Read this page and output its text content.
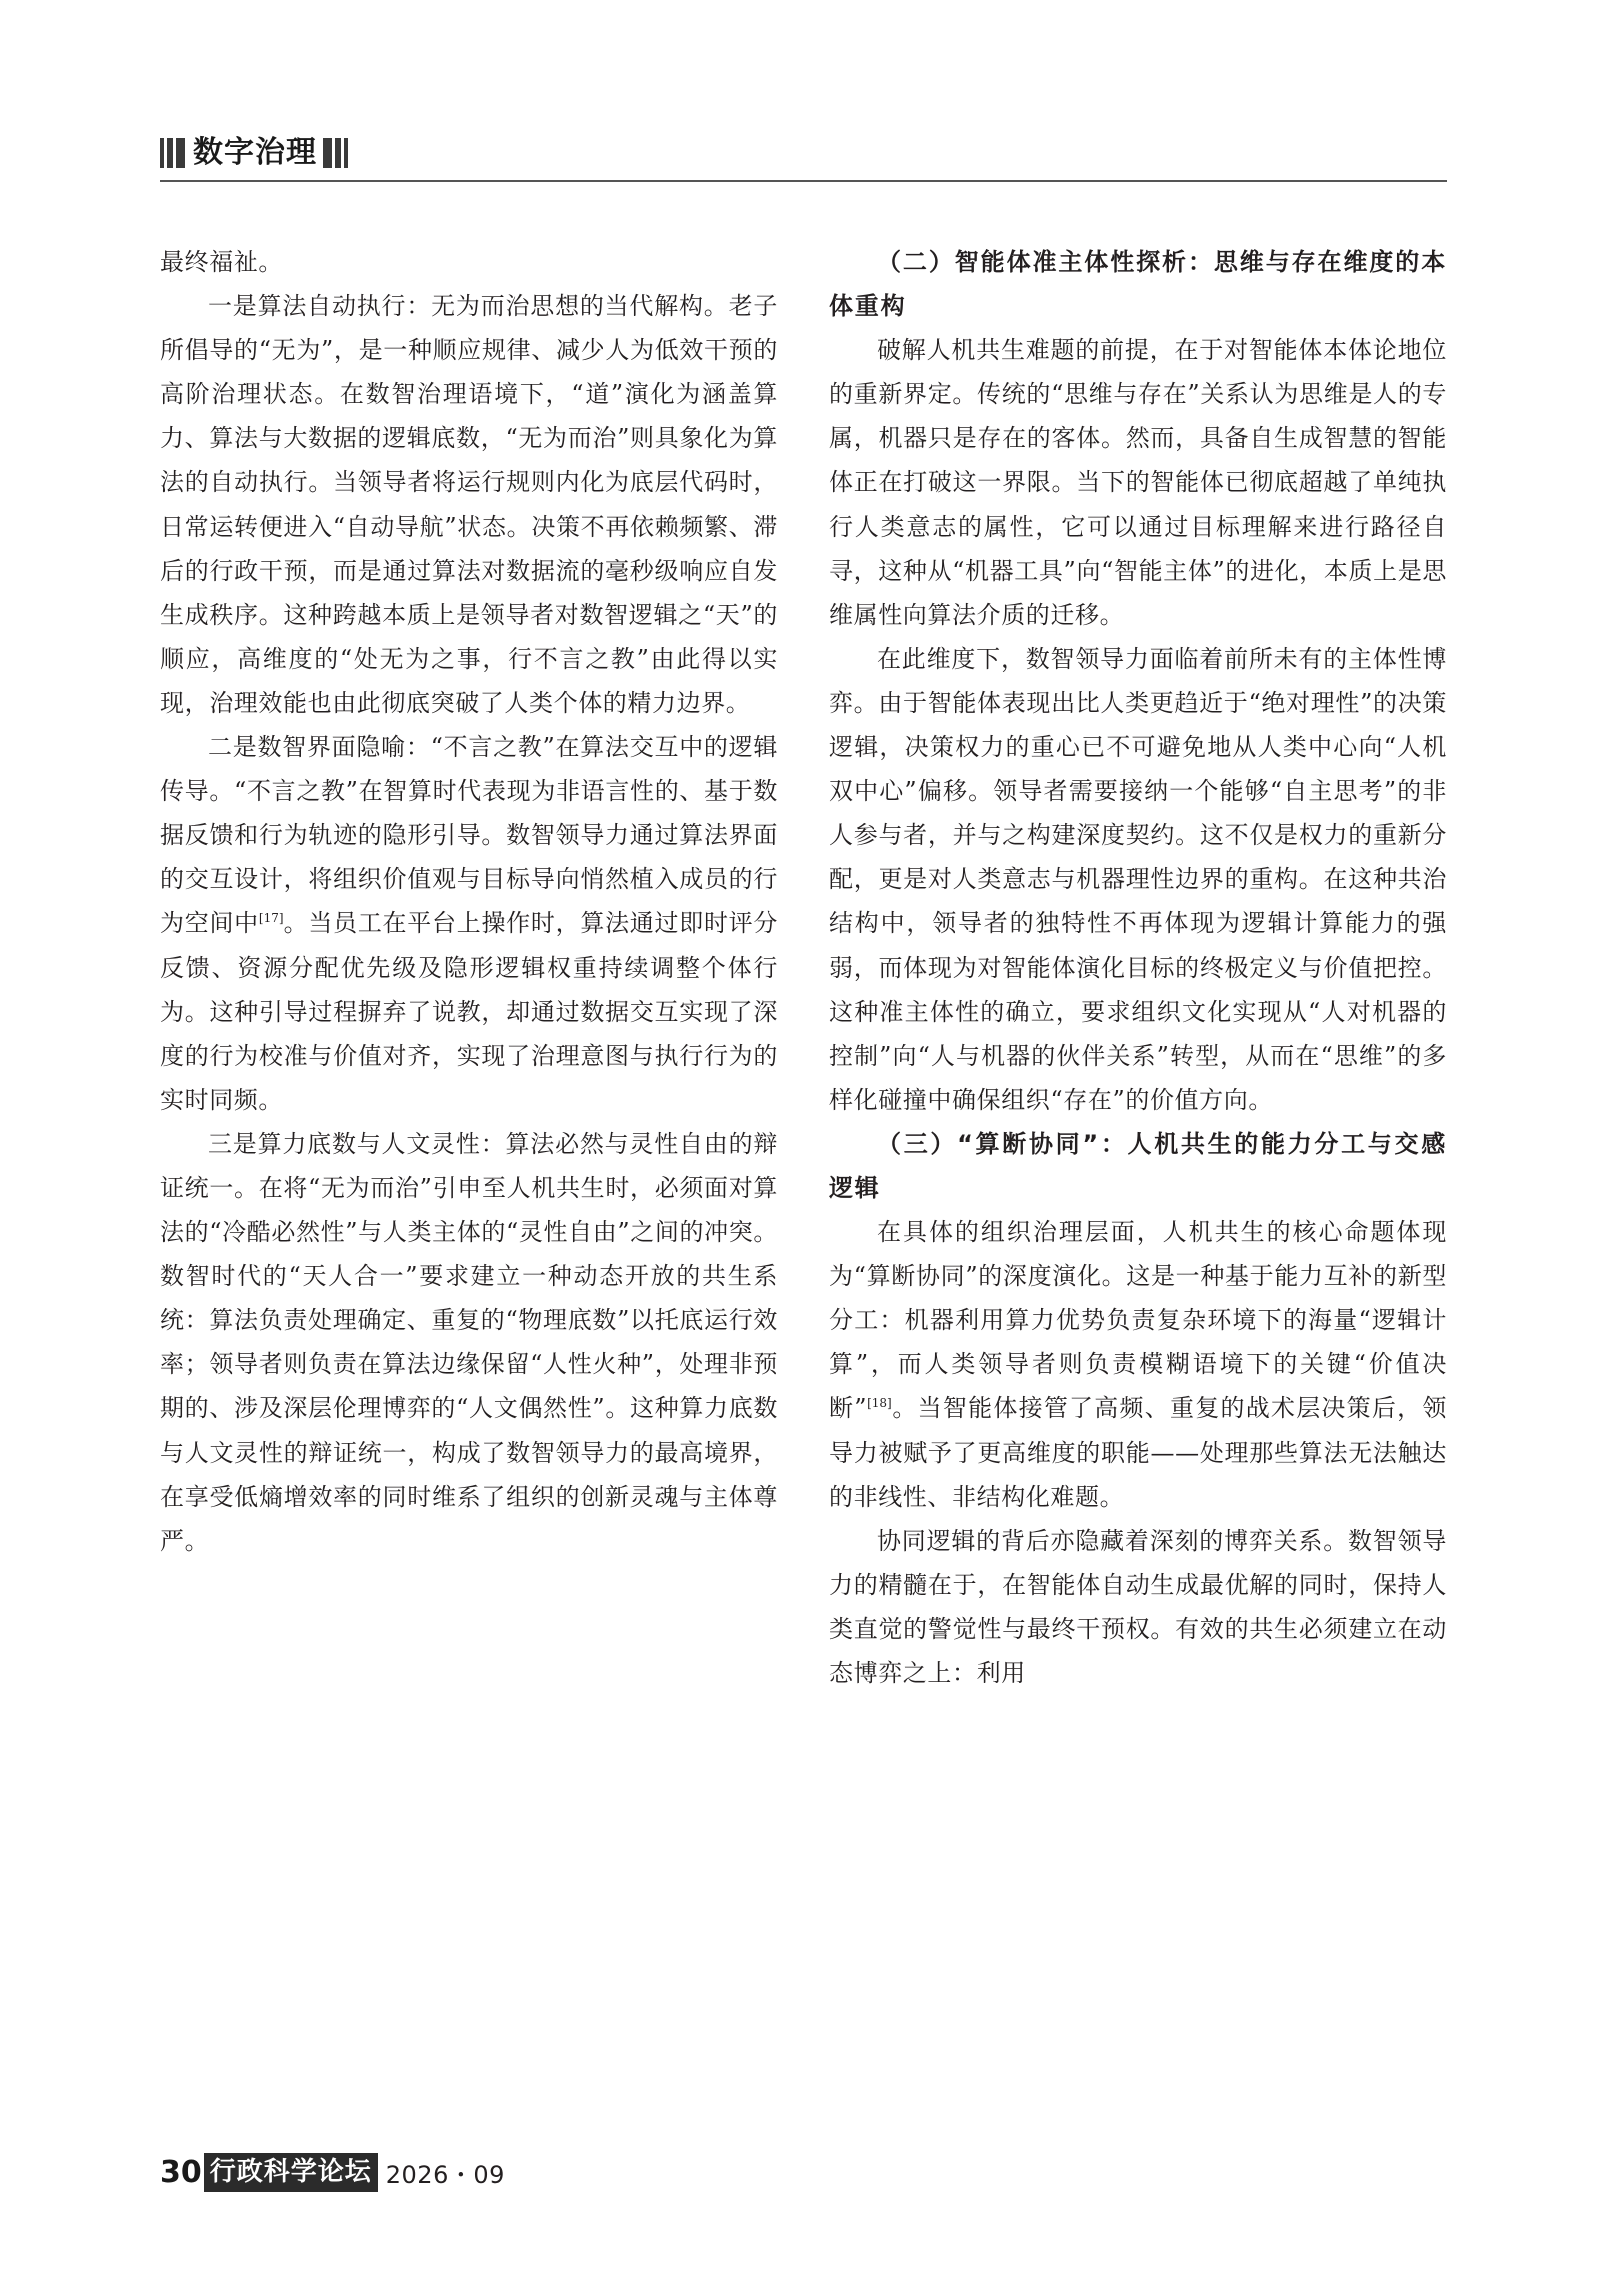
数字治理

最终福祉。

一是算法自动执行：无为而治思想的当代解构。老子所倡导的“无为”，是一种顺应规律、减少人为低效干预的高阶治理状态。在数智治理语境下，“道”演化为涵盖算力、算法与大数据的逻辑底数，“无为而治”则具象化为算法的自动执行。当领导者将运行规则内化为底层代码时，日常运转便进入“自动导航”状态。决策不再依赖频繁、滞后的行政干预，而是通过算法对数据流的毫秒级响应自发生成秩序。这种跨越本质上是领导者对数智逻辑之“天”的顺应，高维度的“处无为之事，行不言之教”由此得以实现，治理效能也由此彻底突破了人类个体的精力边界。

二是数智界面隐喻：“不言之教”在算法交互中的逻辑传导。“不言之教”在智算时代表现为非语言性的、基于数据反馈和行为轨迹的隐形引导。数智领导力通过算法界面的交互设计，将组织价值观与目标导向悄然植入成员的行为空间中[17]。当员工在平台上操作时，算法通过即时评分反馈、资源分配优先级及隐形逻辑权重持续调整个体行为。这种引导过程摒弃了说教，却通过数据交互实现了深度的行为校准与价值对齐，实现了治理意图与执行行为的实时同频。

三是算力底数与人文灵性：算法必然与灵性自由的辩证统一。在将“无为而治”引申至人机共生时，必须面对算法的“冷酷必然性”与人类主体的“灵性自由”之间的冲突。数智时代的“天人合一”要求建立一种动态开放的共生系统：算法负责处理确定、重复的“物理底数”以托底运行效率；领导者则负责在算法边缘保留“人性火种”，处理非预期的、涉及深层伦理博弈的“人文偶然性”。这种算力底数与人文灵性的辩证统一，构成了数智领导力的最高境界，在享受低熵增效率的同时维系了组织的创新灵魂与主体尊严。

（二）智能体准主体性探析：思维与存在维度的本体重构

破解人机共生难题的前提，在于对智能体本体论地位的重新界定。传统的“思维与存在”关系认为思维是人的专属，机器只是存在的客体。然而，具备自生成智慧的智能体正在打破这一界限。当下的智能体已彻底超越了单纯执行人类意志的属性，它可以通过目标理解来进行路径自寻，这种从“机器工具”向“智能主体”的进化，本质上是思维属性向算法介质的迁移。

在此维度下，数智领导力面临着前所未有的主体性博弈。由于智能体表现出比人类更趋近于“绝对理性”的决策逻辑，决策权力的重心已不可避免地从人类中心向“人机双中心”偏移。领导者需要接纳一个能够“自主思考”的非人参与者，并与之构建深度契约。这不仅是权力的重新分配，更是对人类意志与机器理性边界的重构。在这种共治结构中，领导者的独特性不再体现为逻辑计算能力的强弱，而体现为对智能体演化目标的终极定义与价值把控。这种准主体性的确立，要求组织文化实现从“人对机器的控制”向“人与机器的伙伴关系”转型，从而在“思维”的多样化碰撞中确保组织“存在”的价值方向。

（三）“算断协同”：人机共生的能力分工与交感逻辑

在具体的组织治理层面，人机共生的核心命题体现为“算断协同”的深度演化。这是一种基于能力互补的新型分工：机器利用算力优势负责复杂环境下的海量“逻辑计算”，而人类领导者则负责模糊语境下的关键“价值决断”[18]。当智能体接管了高频、重复的战术层决策后，领导力被赋予了更高维度的职能——处理那些算法无法触达的非线性、非结构化难题。

协同逻辑的背后亦隐藏着深刻的博弈关系。数智领导力的精髓在于，在智能体自动生成最优解的同时，保持人类直觉的警觉性与最终干预权。有效的共生必须建立在动态博弈之上：利用

30 行政科学论坛 2026・09
